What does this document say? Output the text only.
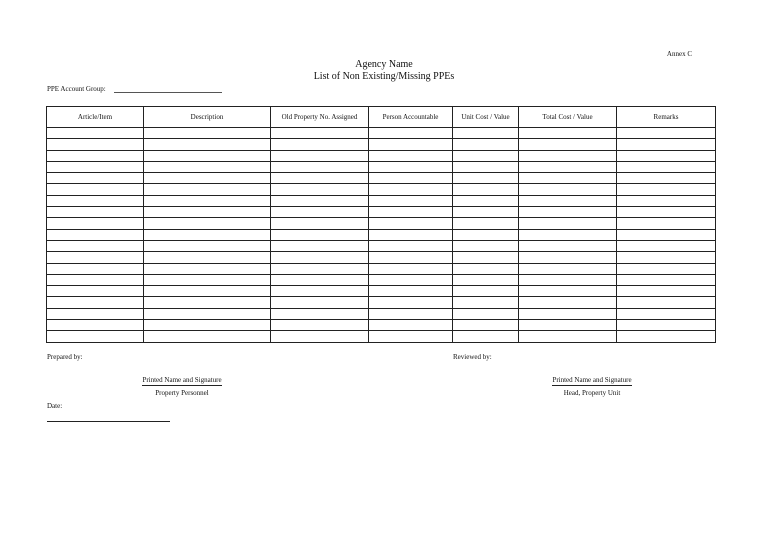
Annex C
Agency Name
List of Non Existing/Missing PPEs
PPE Account Group:
Article/Item	Description	Old Property No. Assigned	Person Accountable	Unit Cost / Value	Total Cost / Value	Remarks

Prepared by:	Reviewed by:
Printed Name and Signature
Property Personnel
Printed Name and Signature
Head, Property Unit
Date:
